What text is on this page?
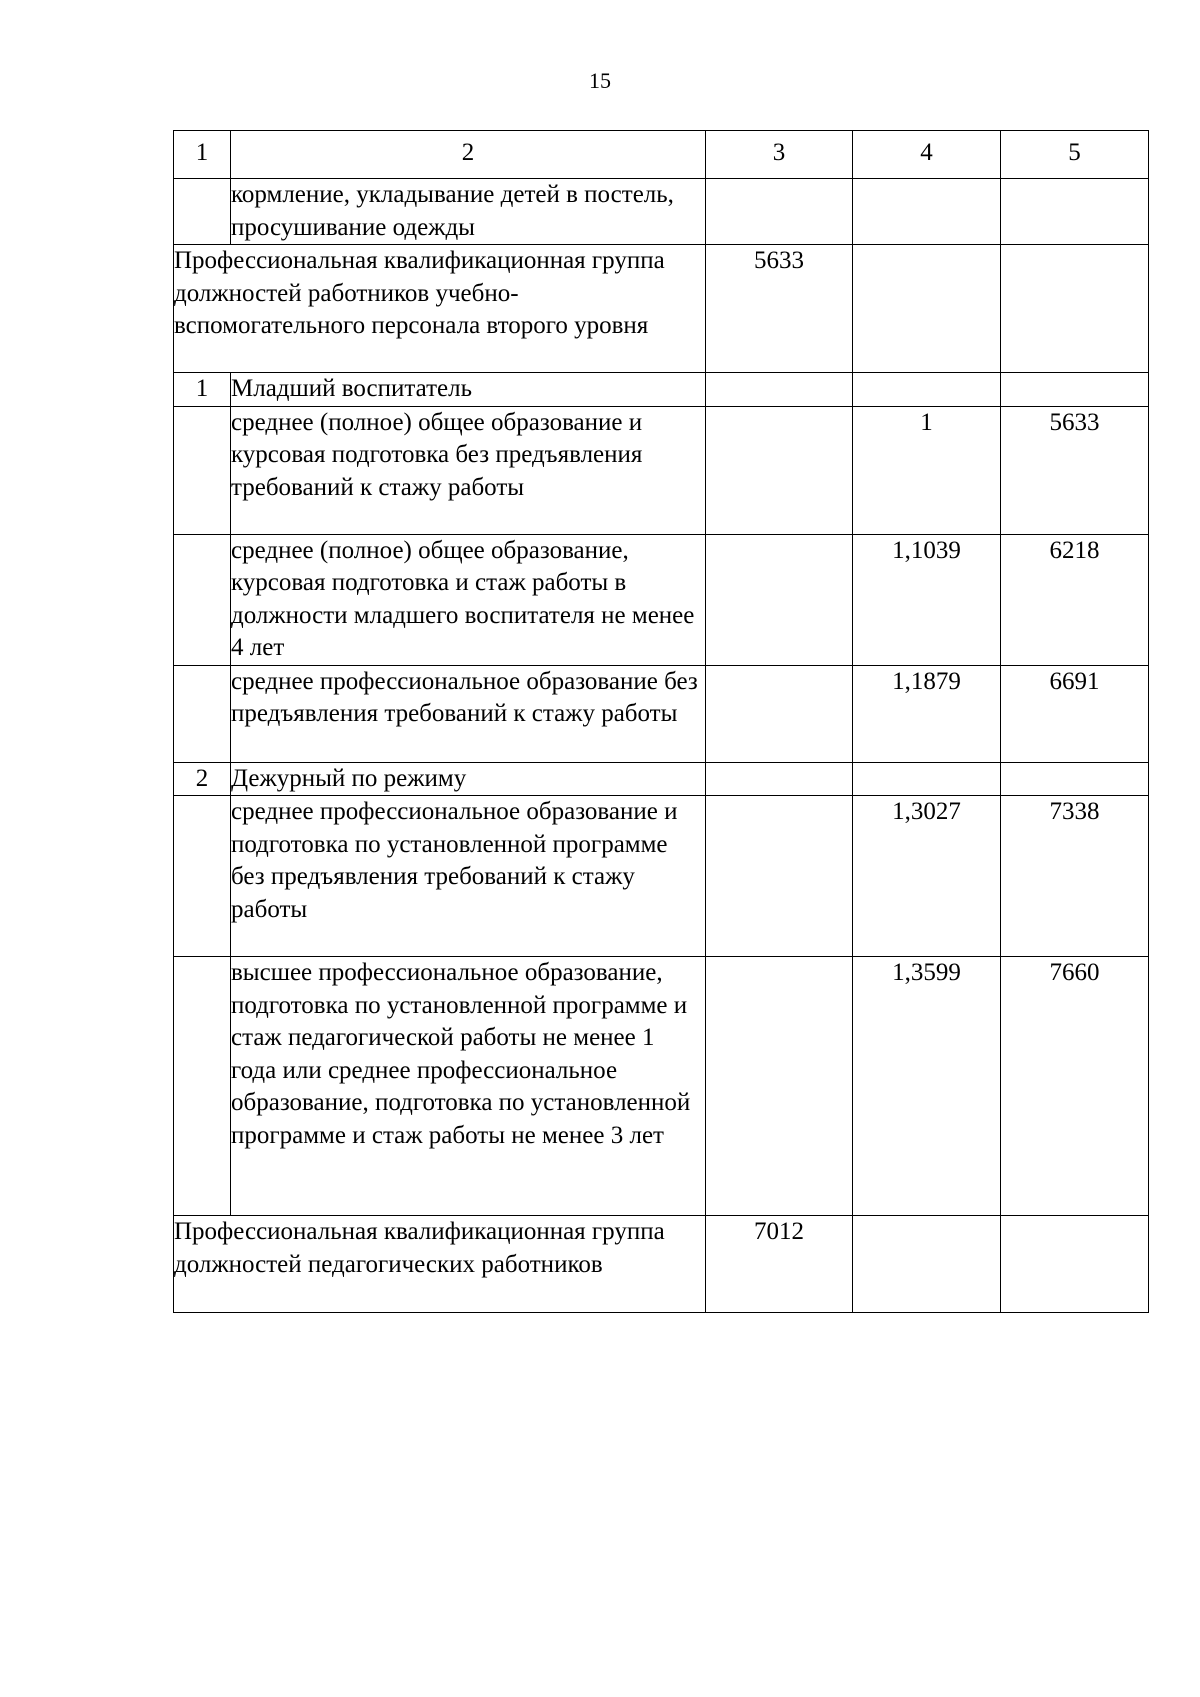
15
1	2	3	4	5
	кормление, укладывание детей в постель, просушивание одежды			
Профессиональная квалификационная группа должностей работников учебно-вспомогательного персонала второго уровня		5633		
1	Младший воспитатель			
	среднее (полное) общее образование и курсовая подготовка без предъявления требований к стажу работы		1	5633
	среднее (полное) общее образование, курсовая подготовка и стаж работы в должности младшего воспитателя не менее 4 лет		1,1039	6218
	среднее профессиональное образование без предъявления требований к стажу работы		1,1879	6691
2	Дежурный по режиму			
	среднее профессиональное образование и подготовка по установленной программе без предъявления требований к стажу работы		1,3027	7338
	высшее профессиональное образование, подготовка по установленной программе и стаж педагогической работы не менее 1 года или среднее профессиональное образование, подготовка по установленной программе и стаж работы не менее 3 лет		1,3599	7660
Профессиональная квалификационная группа должностей педагогических работников		7012		
